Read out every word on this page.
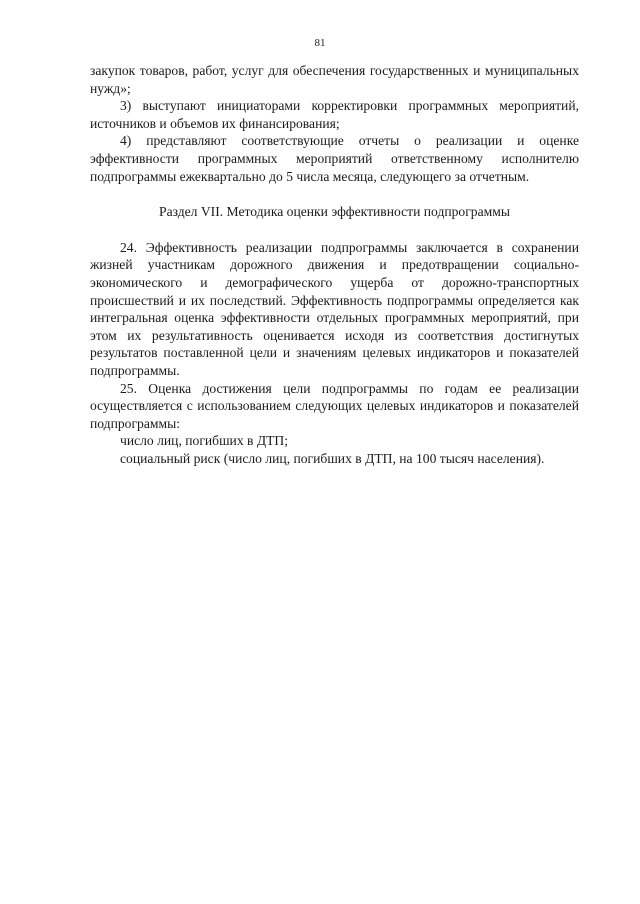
81

закупок товаров, работ, услуг для обеспечения государственных и муниципальных нужд»;

3) выступают инициаторами корректировки программных мероприятий, источников и объемов их финансирования;

4) представляют соответствующие отчеты о реализации и оценке эффективности программных мероприятий ответственному исполнителю подпрограммы ежеквартально до 5 числа месяца, следующего за отчетным.

Раздел VII. Методика оценки эффективности подпрограммы

24. Эффективность реализации подпрограммы заключается в сохранении жизней участникам дорожного движения и предотвращении социально-экономического и демографического ущерба от дорожно-транспортных происшествий и их последствий. Эффективность подпрограммы определяется как интегральная оценка эффективности отдельных программных мероприятий, при этом их результативность оценивается исходя из соответствия достигнутых результатов поставленной цели и значениям целевых индикаторов и показателей подпрограммы.

25. Оценка достижения цели подпрограммы по годам ее реализации осуществляется с использованием следующих целевых индикаторов и показателей подпрограммы:

число лиц, погибших в ДТП;

социальный риск (число лиц, погибших в ДТП, на 100 тысяч населения).
